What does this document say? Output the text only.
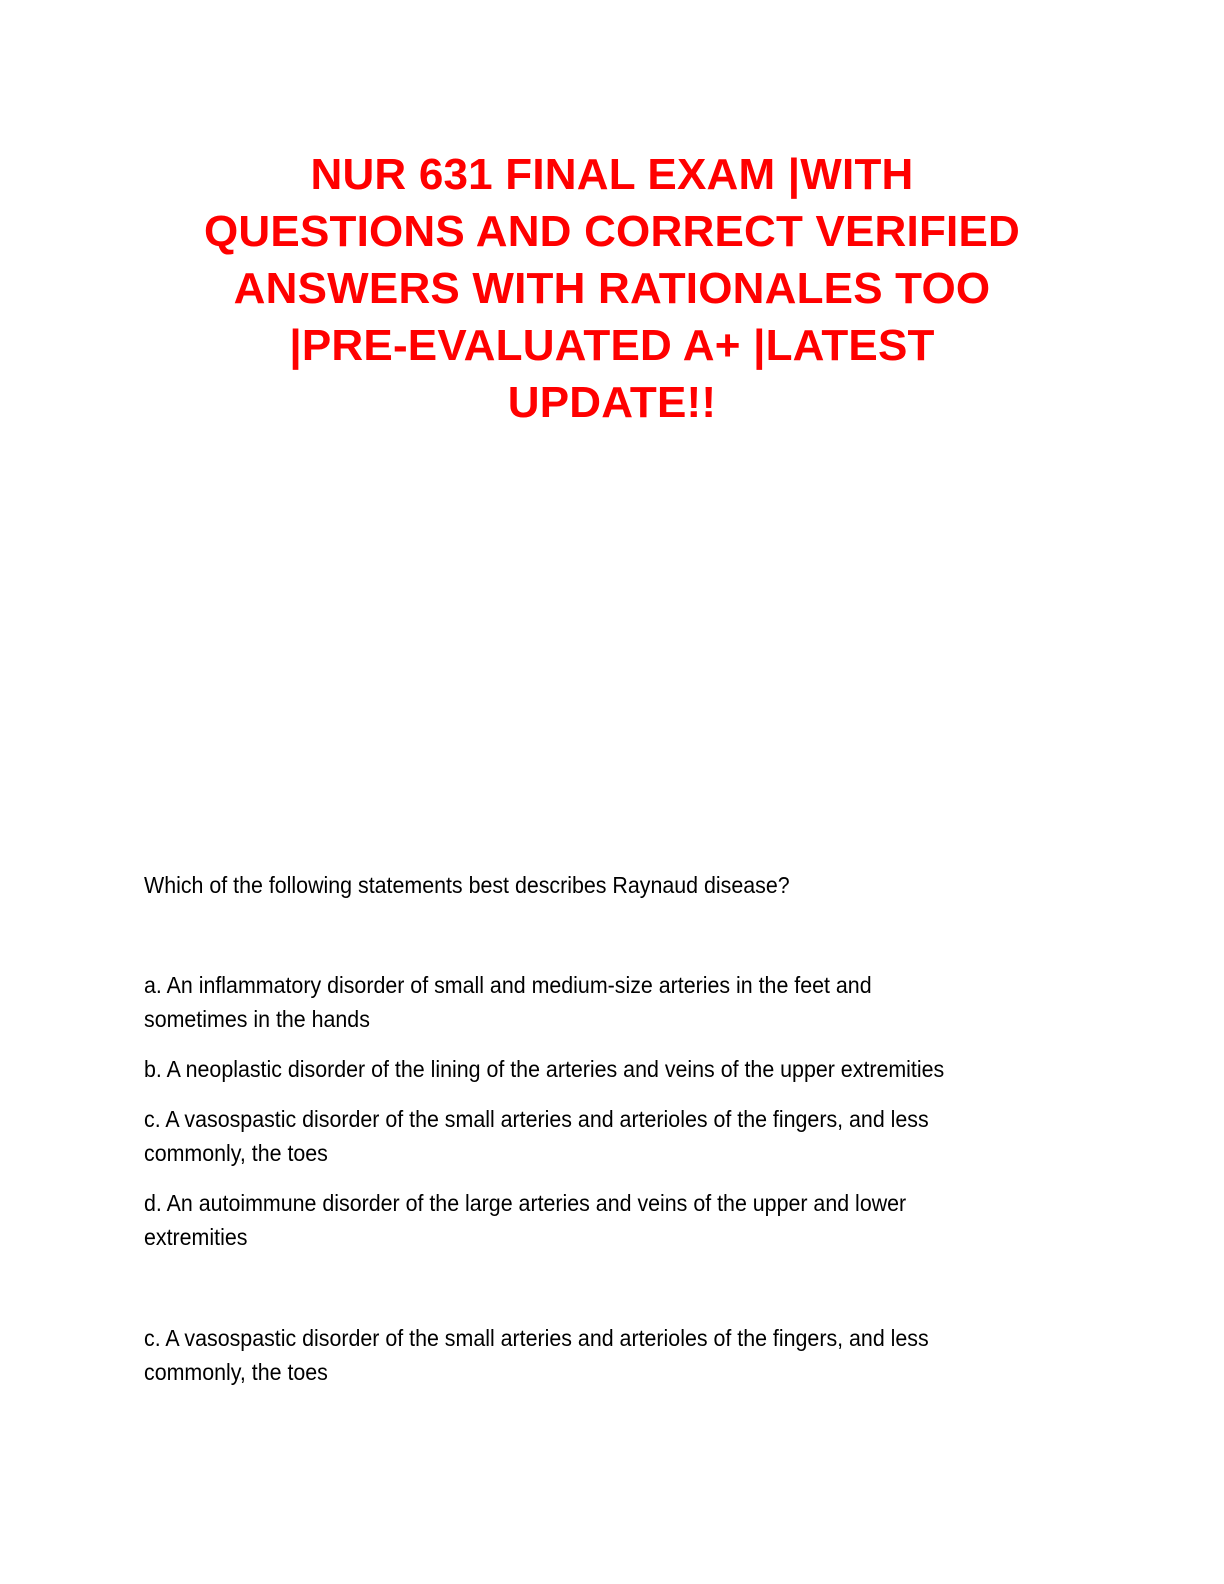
NUR 631 FINAL EXAM |WITH
QUESTIONS AND CORRECT VERIFIED
ANSWERS WITH RATIONALES TOO
|PRE-EVALUATED A+ |LATEST
UPDATE!!

Which of the following statements best describes Raynaud disease?

a. An inflammatory disorder of small and medium-size arteries in the feet and
sometimes in the hands

b. A neoplastic disorder of the lining of the arteries and veins of the upper extremities

c. A vasospastic disorder of the small arteries and arterioles of the fingers, and less
commonly, the toes

d. An autoimmune disorder of the large arteries and veins of the upper and lower
extremities

c. A vasospastic disorder of the small arteries and arterioles of the fingers, and less
commonly, the toes
